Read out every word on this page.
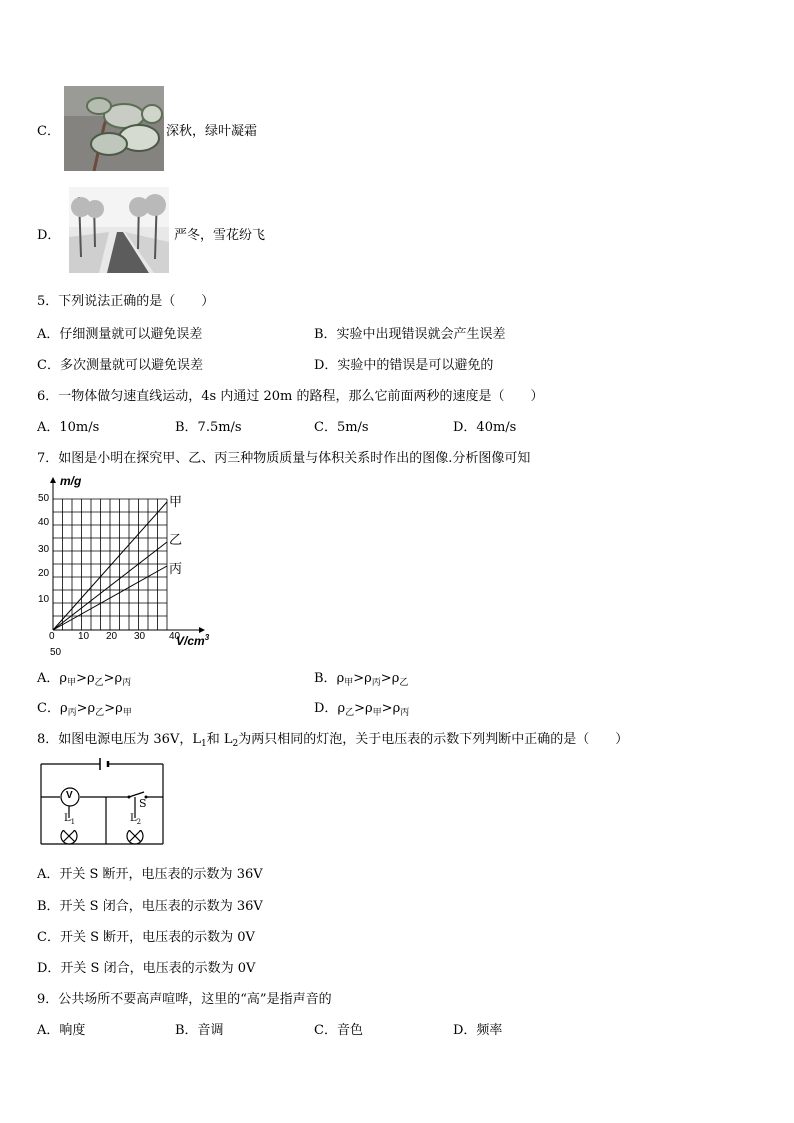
C．	深秋，绿叶凝霜
D．	严冬，雪花纷飞
5．下列说法正确的是（　　）
A．仔细测量就可以避免误差	B．实验中出现错误就会产生误差
C．多次测量就可以避免误差	D．实验中的错误是可以避免的
6．一物体做匀速直线运动，4s 内通过 20m 的路程，那么它前面两秒的速度是（　　）
A．10m/s	B．7.5m/s	C．5m/s	D．40m/s
7．如图是小明在探究甲、乙、丙三种物质质量与体积关系时作出的图像.分析图像可知
m/g
50
40
30
20
10
0 10 20 30 40
$V/cm^3$
50
甲
乙
丙
A．$\rho_甲>\rho_乙>\rho_丙$	B．$\rho_甲>\rho_丙>\rho_乙$
C．$\rho_丙>\rho_乙>\rho_甲$	D．$\rho_乙>\rho_甲>\rho_丙$
8．如图电源电压为 36V，$L_1$和 $L_2$为两只相同的灯泡，关于电压表的示数下列判断中正确的是（　　）
V
S
$L_1$	$L_2$
A．开关 S 断开，电压表的示数为 36V
B．开关 S 闭合，电压表的示数为 36V
C．开关 S 断开，电压表的示数为 0V
D．开关 S 闭合，电压表的示数为 0V
9．公共场所不要高声喧哗，这里的“高”是指声音的
A．响度	B．音调	C．音色	D．频率
